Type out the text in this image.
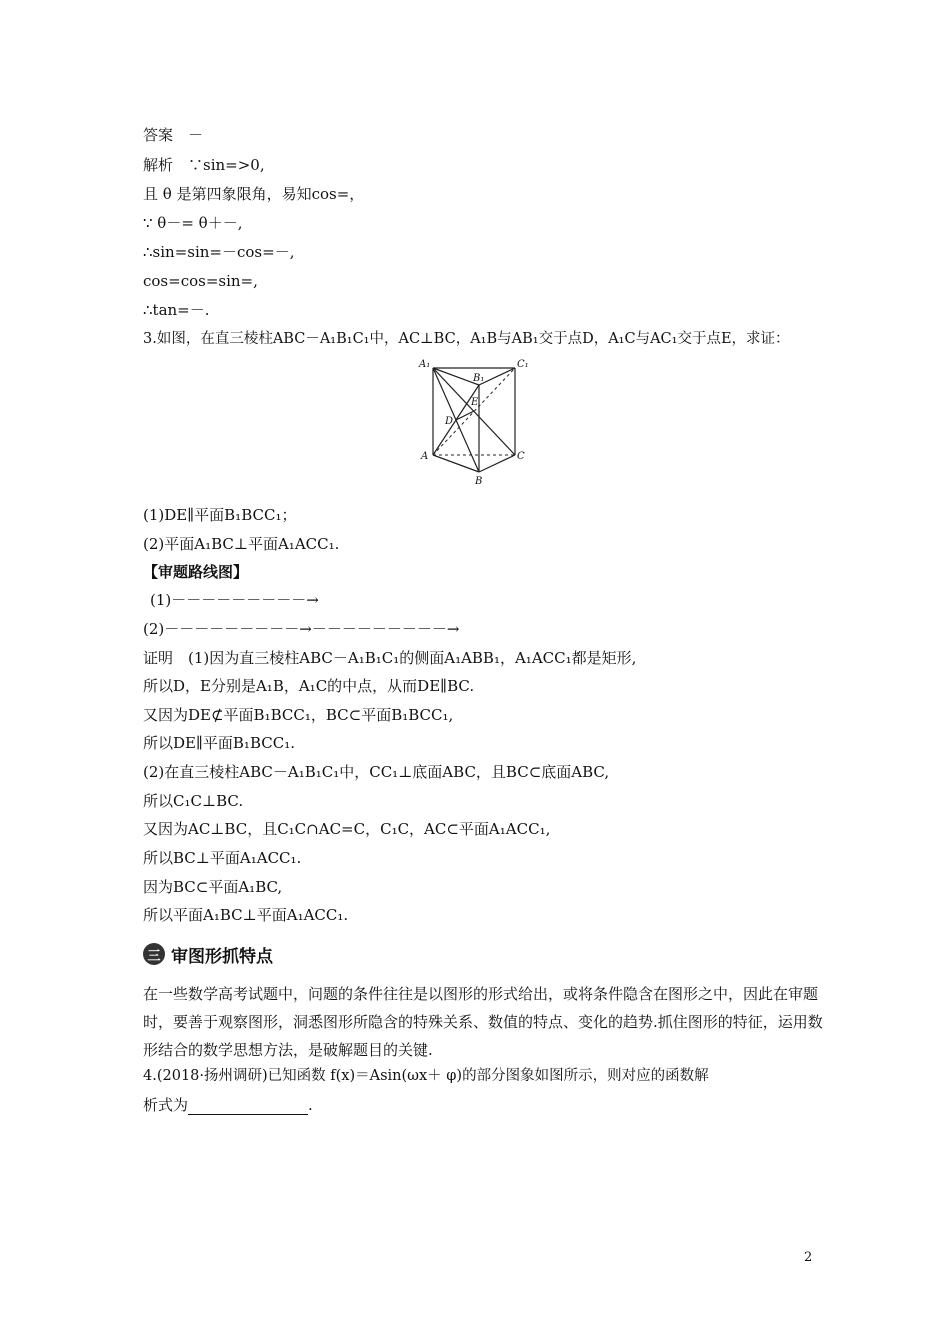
答案　－
解析　∵sin=>0,
且 θ 是第四象限角，易知cos=，
∵ θ－= θ＋－,
∴sin=sin=－cos=－,
cos=cos=sin=,
∴tan=－.
3.如图，在直三棱柱ABC－A₁B₁C₁中，AC⊥BC，A₁B与AB₁交于点D，A₁C与AC₁交于点E，求证：
A₁
B₁
C₁
A
B
C
D
E
(1)DE∥平面B₁BCC₁；
(2)平面A₁BC⊥平面A₁ACC₁.
【审题路线图】
(1)－－－－－－－－－→
(2)－－－－－－－－－→－－－－－－－－－→
证明　(1)因为直三棱柱ABC－A₁B₁C₁的侧面A₁ABB₁，A₁ACC₁都是矩形,
所以D，E分别是A₁B，A₁C的中点，从而DE∥BC.
又因为DE⊄平面B₁BCC₁，BC⊂平面B₁BCC₁,
所以DE∥平面B₁BCC₁.
(2)在直三棱柱ABC－A₁B₁C₁中，CC₁⊥底面ABC，且BC⊂底面ABC,
所以C₁C⊥BC.
又因为AC⊥BC，且C₁C∩AC=C，C₁C，AC⊂平面A₁ACC₁,
所以BC⊥平面A₁ACC₁.
因为BC⊂平面A₁BC,
所以平面A₁BC⊥平面A₁ACC₁.
三 审图形抓特点
在一些数学高考试题中，问题的条件往往是以图形的形式给出，或将条件隐含在图形之中，因此在审题时，要善于观察图形，洞悉图形所隐含的特殊关系、数值的特点、变化的趋势.抓住图形的特征，运用数形结合的数学思想方法，是破解题目的关键.
4.(2018·扬州调研)已知函数 f(x)＝Asin(ωx＋ φ)的部分图象如图所示，则对应的函数解
析式为	.
2
